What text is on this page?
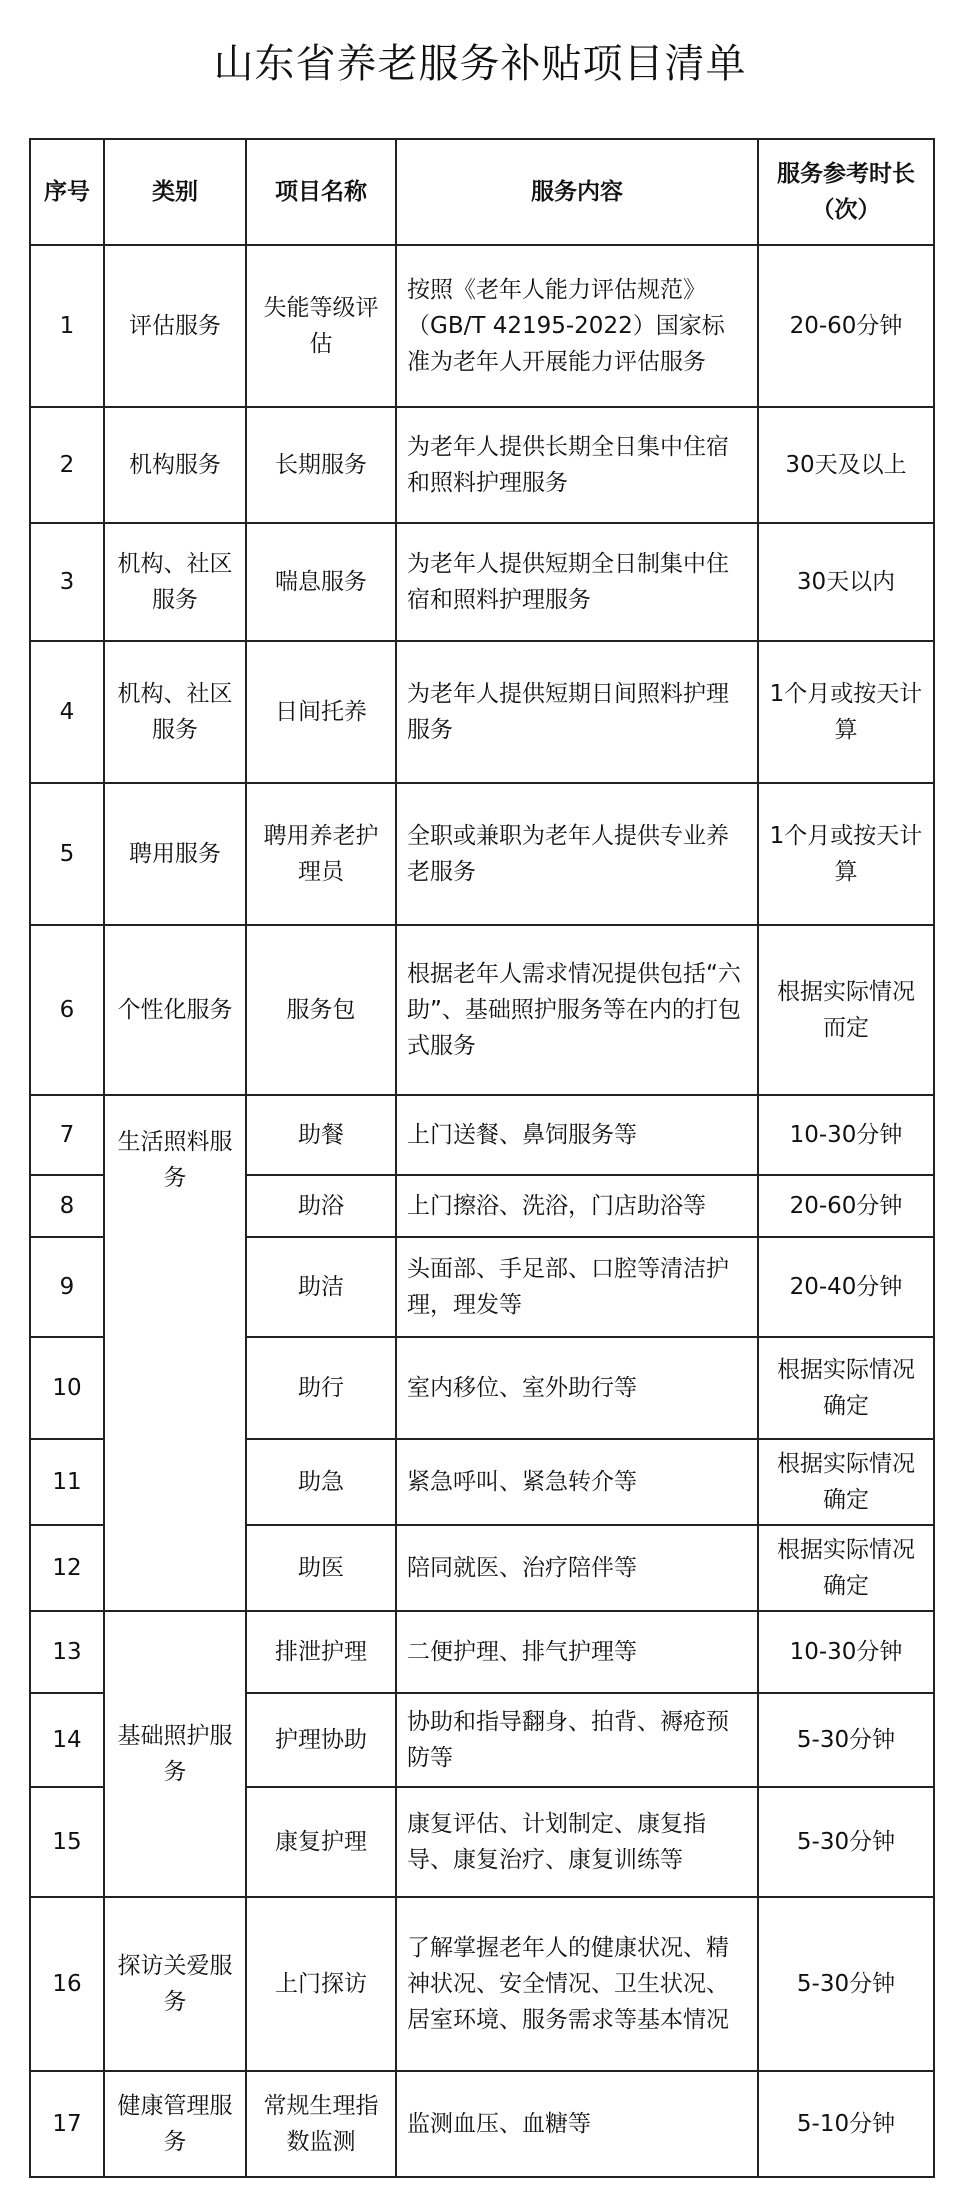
山东省养老服务补贴项目清单
序号	类别	项目名称	服务内容	服务参考时长（次）
1	评估服务	失能等级评估	按照《老年人能力评估规范》（GB/T 42195-2022）国家标准为老年人开展能力评估服务	20-60分钟
2	机构服务	长期服务	为老年人提供长期全日集中住宿和照料护理服务	30天及以上
3	机构、社区服务	喘息服务	为老年人提供短期全日制集中住宿和照料护理服务	30天以内
4	机构、社区服务	日间托养	为老年人提供短期日间照料护理服务	1个月或按天计算
5	聘用服务	聘用养老护理员	全职或兼职为老年人提供专业养老服务	1个月或按天计算
6	个性化服务	服务包	根据老年人需求情况提供包括“六助”、基础照护服务等在内的打包式服务	根据实际情况而定
7	生活照料服务	助餐	上门送餐、鼻饲服务等	10-30分钟
8		助浴	上门擦浴、洗浴，门店助浴等	20-60分钟
9		助洁	头面部、手足部、口腔等清洁护理，理发等	20-40分钟
10		助行	室内移位、室外助行等	根据实际情况确定
11		助急	紧急呼叫、紧急转介等	根据实际情况确定
12		助医	陪同就医、治疗陪伴等	根据实际情况确定
13	基础照护服务	排泄护理	二便护理、排气护理等	10-30分钟
14		护理协助	协助和指导翻身、拍背、褥疮预防等	5-30分钟
15		康复护理	康复评估、计划制定、康复指导、康复治疗、康复训练等	5-30分钟
16	探访关爱服务	上门探访	了解掌握老年人的健康状况、精神状况、安全情况、卫生状况、居室环境、服务需求等基本情况	5-30分钟
17	健康管理服务	常规生理指数监测	监测血压、血糖等	5-10分钟
